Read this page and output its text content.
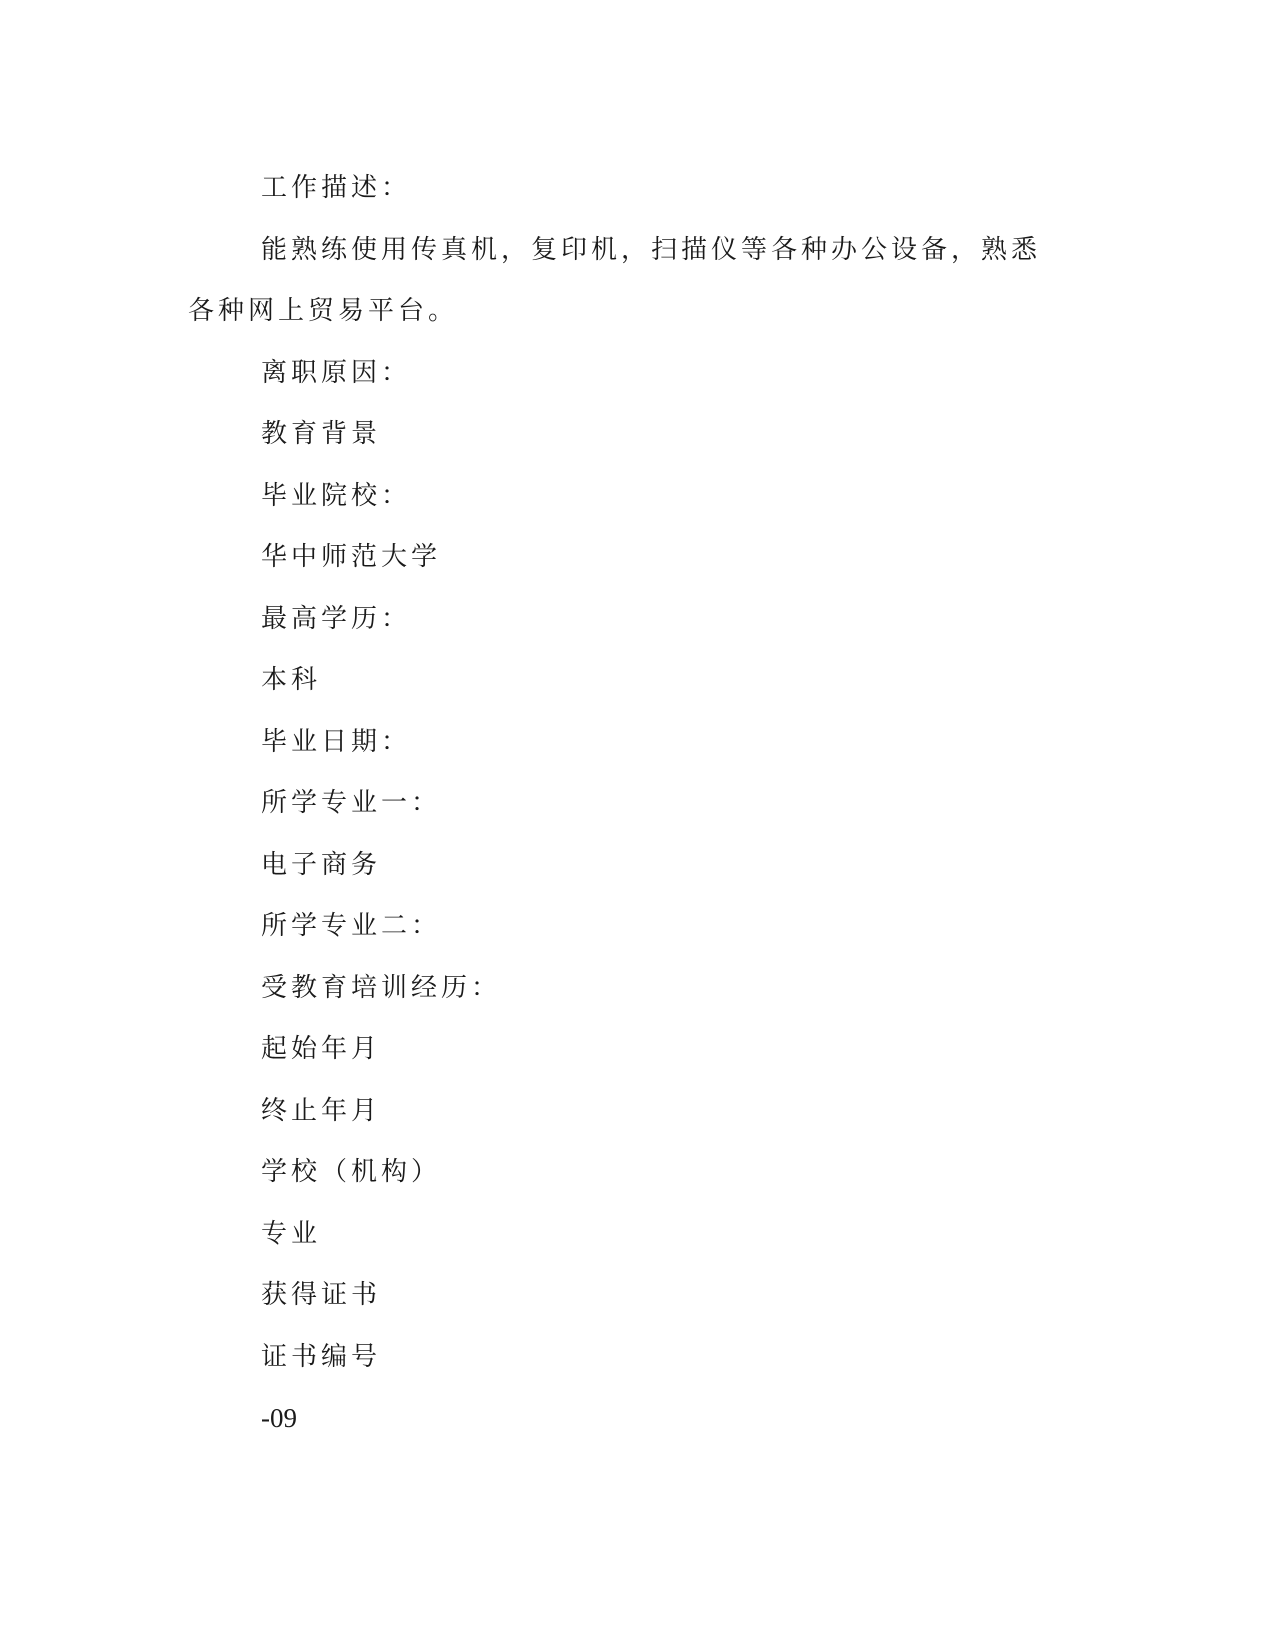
工作描述：

能熟练使用传真机，复印机，扫描仪等各种办公设备，熟悉各种网上贸易平台。

离职原因：

教育背景

毕业院校：

华中师范大学

最高学历：

本科

毕业日期：

所学专业一：

电子商务

所学专业二：

受教育培训经历：

起始年月

终止年月

学校（机构）

专业

获得证书

证书编号

-09
